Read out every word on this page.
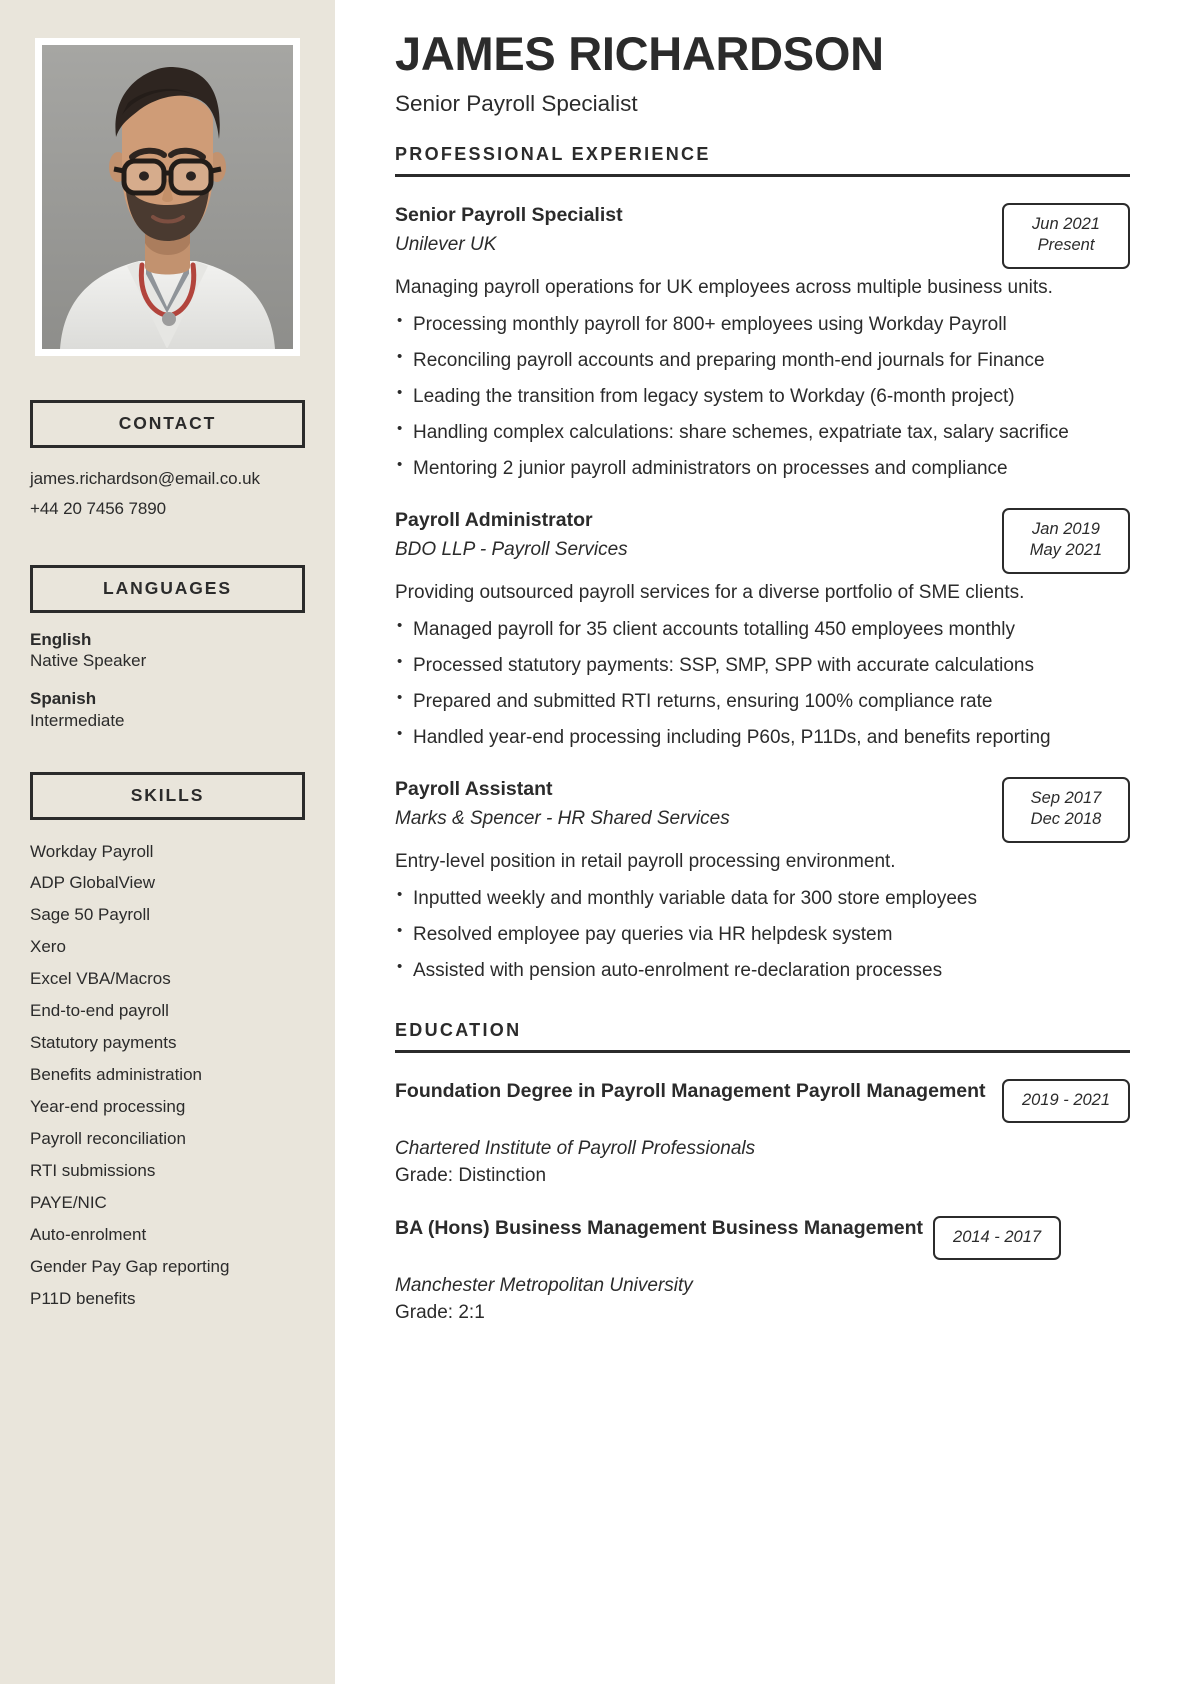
CONTACT
james.richardson@email.co.uk
+44 20 7456 7890
LANGUAGES
English
Native Speaker
Spanish
Intermediate
SKILLS
Workday Payroll
ADP GlobalView
Sage 50 Payroll
Xero
Excel VBA/Macros
End-to-end payroll
Statutory payments
Benefits administration
Year-end processing
Payroll reconciliation
RTI submissions
PAYE/NIC
Auto-enrolment
Gender Pay Gap reporting
P11D benefits
JAMES RICHARDSON
Senior Payroll Specialist
PROFESSIONAL EXPERIENCE
Senior Payroll Specialist
Unilever UK
Jun 2021
Present
Managing payroll operations for UK employees across multiple business units.
• Processing monthly payroll for 800+ employees using Workday Payroll
• Reconciling payroll accounts and preparing month-end journals for Finance
• Leading the transition from legacy system to Workday (6-month project)
• Handling complex calculations: share schemes, expatriate tax, salary sacrifice
• Mentoring 2 junior payroll administrators on processes and compliance
Payroll Administrator
BDO LLP - Payroll Services
Jan 2019
May 2021
Providing outsourced payroll services for a diverse portfolio of SME clients.
• Managed payroll for 35 client accounts totalling 450 employees monthly
• Processed statutory payments: SSP, SMP, SPP with accurate calculations
• Prepared and submitted RTI returns, ensuring 100% compliance rate
• Handled year-end processing including P60s, P11Ds, and benefits reporting
Payroll Assistant
Marks & Spencer - HR Shared Services
Sep 2017
Dec 2018
Entry-level position in retail payroll processing environment.
• Inputted weekly and monthly variable data for 300 store employees
• Resolved employee pay queries via HR helpdesk system
• Assisted with pension auto-enrolment re-declaration processes
EDUCATION
Foundation Degree in Payroll Management Payroll Management	2019 - 2021
Chartered Institute of Payroll Professionals
Grade: Distinction
BA (Hons) Business Management Business Management 2014 - 2017
Manchester Metropolitan University
Grade: 2:1
